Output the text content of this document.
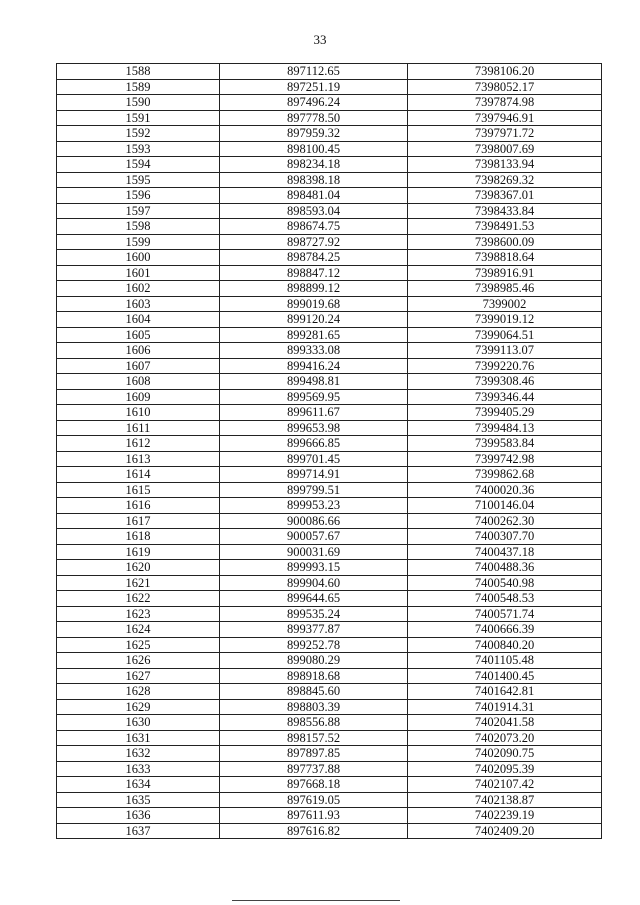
33
1588	897112.65	7398106.20
1589	897251.19	7398052.17
1590	897496.24	7397874.98
1591	897778.50	7397946.91
1592	897959.32	7397971.72
1593	898100.45	7398007.69
1594	898234.18	7398133.94
1595	898398.18	7398269.32
1596	898481.04	7398367.01
1597	898593.04	7398433.84
1598	898674.75	7398491.53
1599	898727.92	7398600.09
1600	898784.25	7398818.64
1601	898847.12	7398916.91
1602	898899.12	7398985.46
1603	899019.68	7399002
1604	899120.24	7399019.12
1605	899281.65	7399064.51
1606	899333.08	7399113.07
1607	899416.24	7399220.76
1608	899498.81	7399308.46
1609	899569.95	7399346.44
1610	899611.67	7399405.29
1611	899653.98	7399484.13
1612	899666.85	7399583.84
1613	899701.45	7399742.98
1614	899714.91	7399862.68
1615	899799.51	7400020.36
1616	899953.23	7100146.04
1617	900086.66	7400262.30
1618	900057.67	7400307.70
1619	900031.69	7400437.18
1620	899993.15	7400488.36
1621	899904.60	7400540.98
1622	899644.65	7400548.53
1623	899535.24	7400571.74
1624	899377.87	7400666.39
1625	899252.78	7400840.20
1626	899080.29	7401105.48
1627	898918.68	7401400.45
1628	898845.60	7401642.81
1629	898803.39	7401914.31
1630	898556.88	7402041.58
1631	898157.52	7402073.20
1632	897897.85	7402090.75
1633	897737.88	7402095.39
1634	897668.18	7402107.42
1635	897619.05	7402138.87
1636	897611.93	7402239.19
1637	897616.82	7402409.20
